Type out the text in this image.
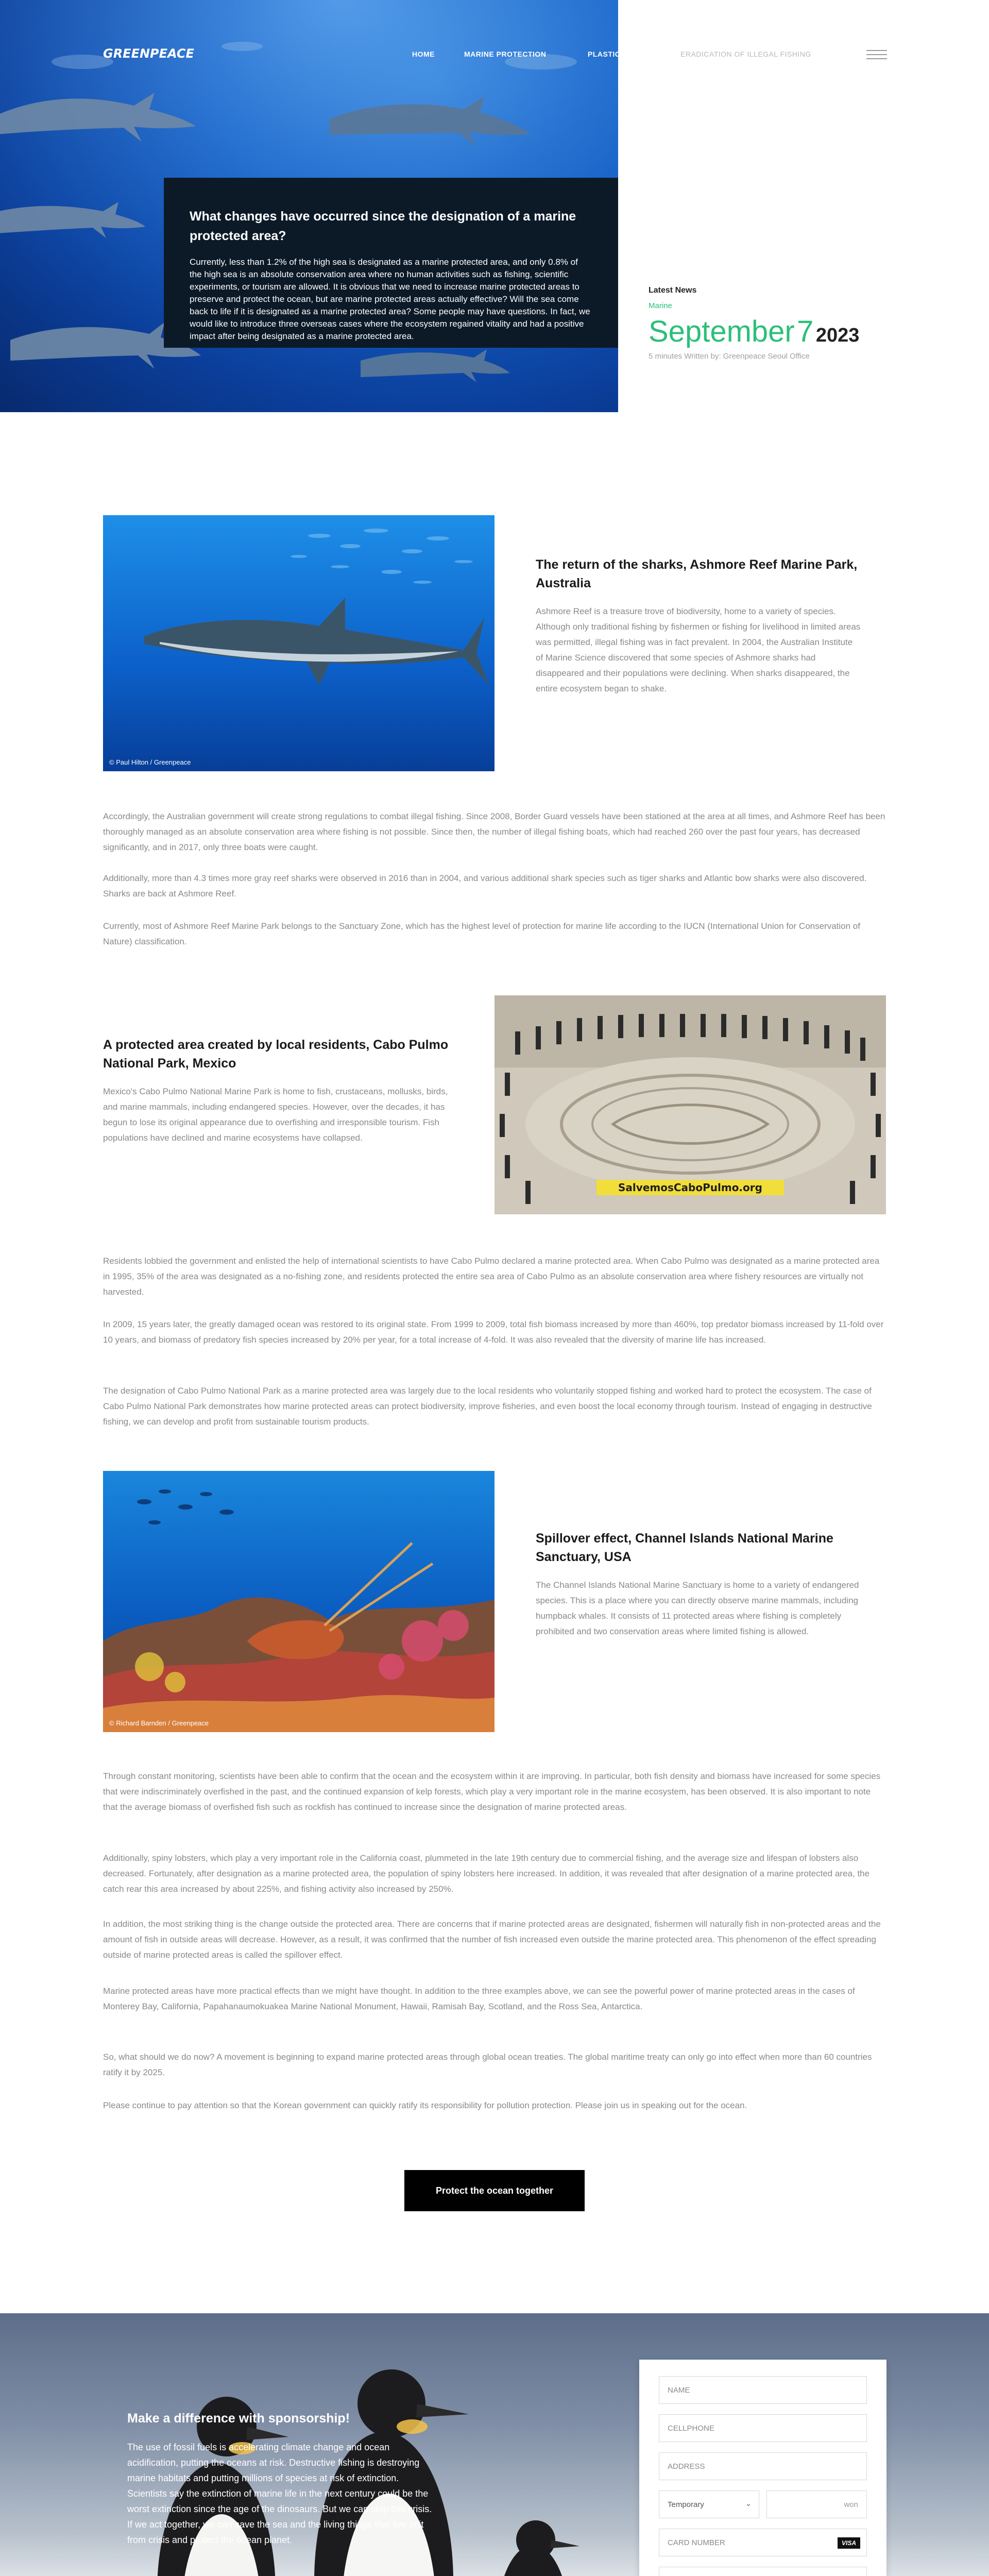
GREENPEACE	HOME	MARINE PROTECTION	PLASTIC ZERO	ERADICATION OF ILLEGAL FISHING
What changes have occurred since the designation of a marine protected area?

Currently, less than 1.2% of the high sea is designated as a marine protected area, and only 0.8% of the high sea is an absolute conservation area where no human activities such as fishing, scientific experiments, or tourism are allowed. It is obvious that we need to increase marine protected areas to preserve and protect the ocean, but are marine protected areas actually effective? Will the sea come back to life if it is designated as a marine protected area? Some people may have questions. In fact, we would like to introduce three overseas cases where the ecosystem regained vitality and had a positive impact after being designated as a marine protected area.

Latest News
Marine
September 7 2023
5 minutes Written by: Greenpeace Seoul Office
© Paul Hilton / Greenpeace
The return of the sharks, Ashmore Reef Marine Park, Australia

Ashmore Reef is a treasure trove of biodiversity, home to a variety of species. Although only traditional fishing by fishermen or fishing for livelihood in limited areas was permitted, illegal fishing was in fact prevalent. In 2004, the Australian Institute of Marine Science discovered that some species of Ashmore sharks had disappeared and their populations were declining. When sharks disappeared, the entire ecosystem began to shake.

Accordingly, the Australian government will create strong regulations to combat illegal fishing. Since 2008, Border Guard vessels have been stationed at the area at all times, and Ashmore Reef has been thoroughly managed as an absolute conservation area where fishing is not possible. Since then, the number of illegal fishing boats, which had reached 260 over the past four years, has decreased significantly, and in 2017, only three boats were caught.

Additionally, more than 4.3 times more gray reef sharks were observed in 2016 than in 2004, and various additional shark species such as tiger sharks and Atlantic bow sharks were also discovered. Sharks are back at Ashmore Reef.

Currently, most of Ashmore Reef Marine Park belongs to the Sanctuary Zone, which has the highest level of protection for marine life according to the IUCN (International Union for Conservation of Nature) classification.

A protected area created by local residents, Cabo Pulmo National Park, Mexico

Mexico's Cabo Pulmo National Marine Park is home to fish, crustaceans, mollusks, birds, and marine mammals, including endangered species. However, over the decades, it has begun to lose its original appearance due to overfishing and irresponsible tourism. Fish populations have declined and marine ecosystems have collapsed.

SalvemosCaboPulmo.org

Residents lobbied the government and enlisted the help of international scientists to have Cabo Pulmo declared a marine protected area. When Cabo Pulmo was designated as a marine protected area in 1995, 35% of the area was designated as a no-fishing zone, and residents protected the entire sea area of Cabo Pulmo as an absolute conservation area where fishery resources are virtually not harvested.

In 2009, 15 years later, the greatly damaged ocean was restored to its original state. From 1999 to 2009, total fish biomass increased by more than 460%, top predator biomass increased by 11-fold over 10 years, and biomass of predatory fish species increased by 20% per year, for a total increase of 4-fold. It was also revealed that the diversity of marine life has increased.

The designation of Cabo Pulmo National Park as a marine protected area was largely due to the local residents who voluntarily stopped fishing and worked hard to protect the ecosystem. The case of Cabo Pulmo National Park demonstrates how marine protected areas can protect biodiversity, improve fisheries, and even boost the local economy through tourism. Instead of engaging in destructive fishing, we can develop and profit from sustainable tourism products.

© Richard Barnden / Greenpeace
Spillover effect, Channel Islands National Marine Sanctuary, USA

The Channel Islands National Marine Sanctuary is home to a variety of endangered species. This is a place where you can directly observe marine mammals, including humpback whales. It consists of 11 protected areas where fishing is completely prohibited and two conservation areas where limited fishing is allowed.

Through constant monitoring, scientists have been able to confirm that the ocean and the ecosystem within it are improving. In particular, both fish density and biomass have increased for some species that were indiscriminately overfished in the past, and the continued expansion of kelp forests, which play a very important role in the marine ecosystem, has been observed. It is also important to note that the average biomass of overfished fish such as rockfish has continued to increase since the designation of marine protected areas.

Additionally, spiny lobsters, which play a very important role in the California coast, plummeted in the late 19th century due to commercial fishing, and the average size and lifespan of lobsters also decreased. Fortunately, after designation as a marine protected area, the population of spiny lobsters here increased. In addition, it was revealed that after designation of a marine protected area, the catch rear this area increased by about 225%, and fishing activity also increased by 250%.

In addition, the most striking thing is the change outside the protected area. There are concerns that if marine protected areas are designated, fishermen will naturally fish in non-protected areas and the amount of fish in outside areas will decrease. However, as a result, it was confirmed that the number of fish increased even outside the marine protected area. This phenomenon of the effect spreading outside of marine protected areas is called the spillover effect.

Marine protected areas have more practical effects than we might have thought. In addition to the three examples above, we can see the powerful power of marine protected areas in the cases of Monterey Bay, California, Papahanaumokuakea Marine National Monument, Hawaii, Ramisah Bay, Scotland, and the Ross Sea, Antarctica.

So, what should we do now? A movement is beginning to expand marine protected areas through global ocean treaties. The global maritime treaty can only go into effect when more than 60 countries ratify it by 2025.

Please continue to pay attention so that the Korean government can quickly ratify its responsibility for pollution protection. Please join us in speaking out for the ocean.

Protect the ocean together
Make a difference with sponsorship!

The use of fossil fuels is accelerating climate change and ocean acidification, putting the oceans at risk. Destructive fishing is destroying marine habitats and putting millions of species at risk of extinction. Scientists say the extinction of marine life in the next century could be the worst extinction since the age of the dinosaurs. But we can stop this crisis. If we act together, we can save the sea and the living things that live in it from crisis and protect the ocean planet.

NAME
CELLPHONE
ADDRESS
Temporary	⌄	won
CARD NUMBER
VISA
VALIDITY
